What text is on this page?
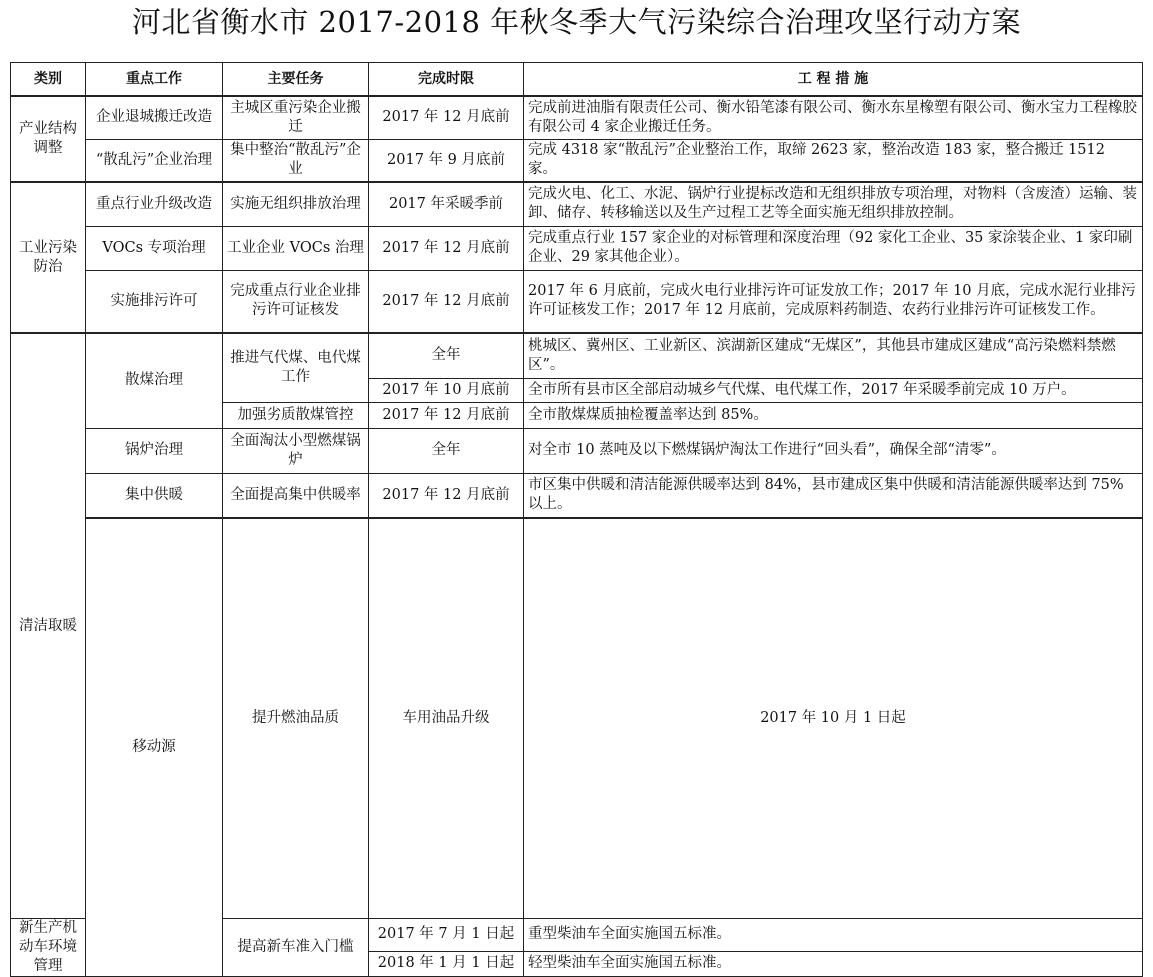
河北省衡水市 2017-2018 年秋冬季大气污染综合治理攻坚行动方案
类别	重点工作	主要任务	完成时限	工 程 措 施	
产业结构调整	企业退城搬迁改造	主城区重污染企业搬迁	2017 年 12 月底前	完成前进油脂有限责任公司、衡水铅笔漆有限公司、衡水东星橡塑有限公司、衡水宝力工程橡胶有限公司 4 家企业搬迁任务。	
	“散乱污”企业治理	集中整治“散乱污”企业	2017 年 9 月底前	完成 4318 家“散乱污”企业整治工作，取缔 2623 家，整治改造 183 家，整合搬迁 1512 家。	
工业污染防治	重点行业升级改造	实施无组织排放治理	2017 年采暖季前	完成火电、化工、水泥、锅炉行业提标改造和无组织排放专项治理，对物料（含废渣）运输、装卸、储存、转移输送以及生产过程工艺等全面实施无组织排放控制。	
	VOCs 专项治理	工业企业 VOCs 治理	2017 年 12 月底前	完成重点行业 157 家企业的对标管理和深度治理（92 家化工企业、35 家涂装企业、1 家印刷企业、29 家其他企业）。	
	实施排污许可	完成重点行业企业排污许可证核发	2017 年 12 月底前	2017 年 6 月底前，完成火电行业排污许可证发放工作；2017 年 10 月底，完成水泥行业排污许可证核发工作；2017 年 12 月底前，完成原料药制造、农药行业排污许可证核发工作。	
清洁取暖	散煤治理	推进气代煤、电代煤工作	全年	桃城区、冀州区、工业新区、滨湖新区建成“无煤区”，其他县市建成区建成“高污染燃料禁燃区”。	
			2017 年 10 月底前	全市所有县市区全部启动城乡气代煤、电代煤工作，2017 年采暖季前完成 10 万户。	
		加强劣质散煤管控	2017 年 12 月底前	全市散煤煤质抽检覆盖率达到 85%。	
	锅炉治理	全面淘汰小型燃煤锅炉	全年	对全市 10 蒸吨及以下燃煤锅炉淘汰工作进行“回头看”，确保全部“清零”。	
	集中供暖	全面提高集中供暖率	2017 年 12 月底前	市区集中供暖和清洁能源供暖率达到 84%，县市建成区集中供暖和清洁能源供暖率达到 75%以上。	
	移动源	提升燃油品质	车用油品升级	2017 年 10 月 1 日起	
新生产机动车环境管理		提高新车准入门槛	2017 年 7 月 1 日起	重型柴油车全面实施国五标准。	
			2018 年 1 月 1 日起	轻型柴油车全面实施国五标准。	
